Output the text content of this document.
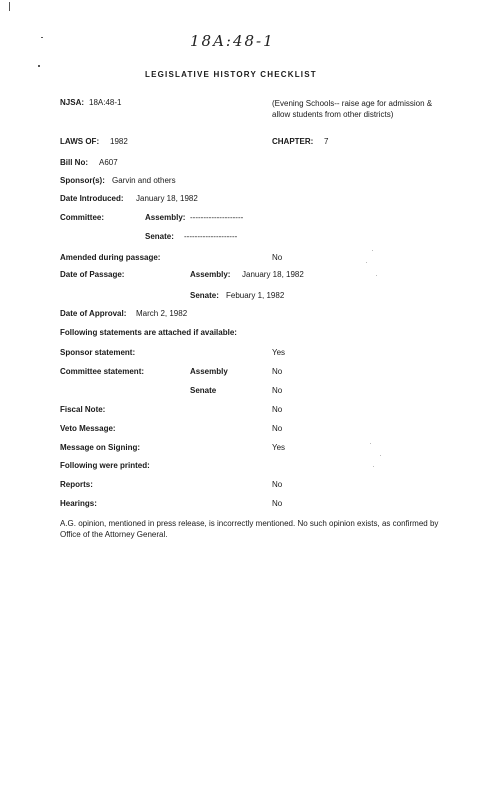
18A:48-1
LEGISLATIVE HISTORY CHECKLIST
NJSA: 18A:48-1	(Evening Schools-- raise age for admission & allow students from other districts)
LAWS OF: 1982	CHAPTER: 7
Bill No: A607
Sponsor(s): Garvin and others
Date Introduced: January 18, 1982
Committee:	Assembly: --------------------
Senate: --------------------
Amended during passage:	No
Date of Passage:	Assembly: January 18, 1982
Senate: Febuary 1, 1982
Date of Approval: March 2, 1982
Following statements are attached if available:
Sponsor statement:	Yes
Committee statement:	Assembly	No
Senate	No
Fiscal Note:	No
Veto Message:	No
Message on Signing:	Yes
Following were printed:
Reports:	No
Hearings:	No
A.G. opinion, mentioned in press release, is incorrectly mentioned. No such opinion exists, as confirmed by Office of the Attorney General.
